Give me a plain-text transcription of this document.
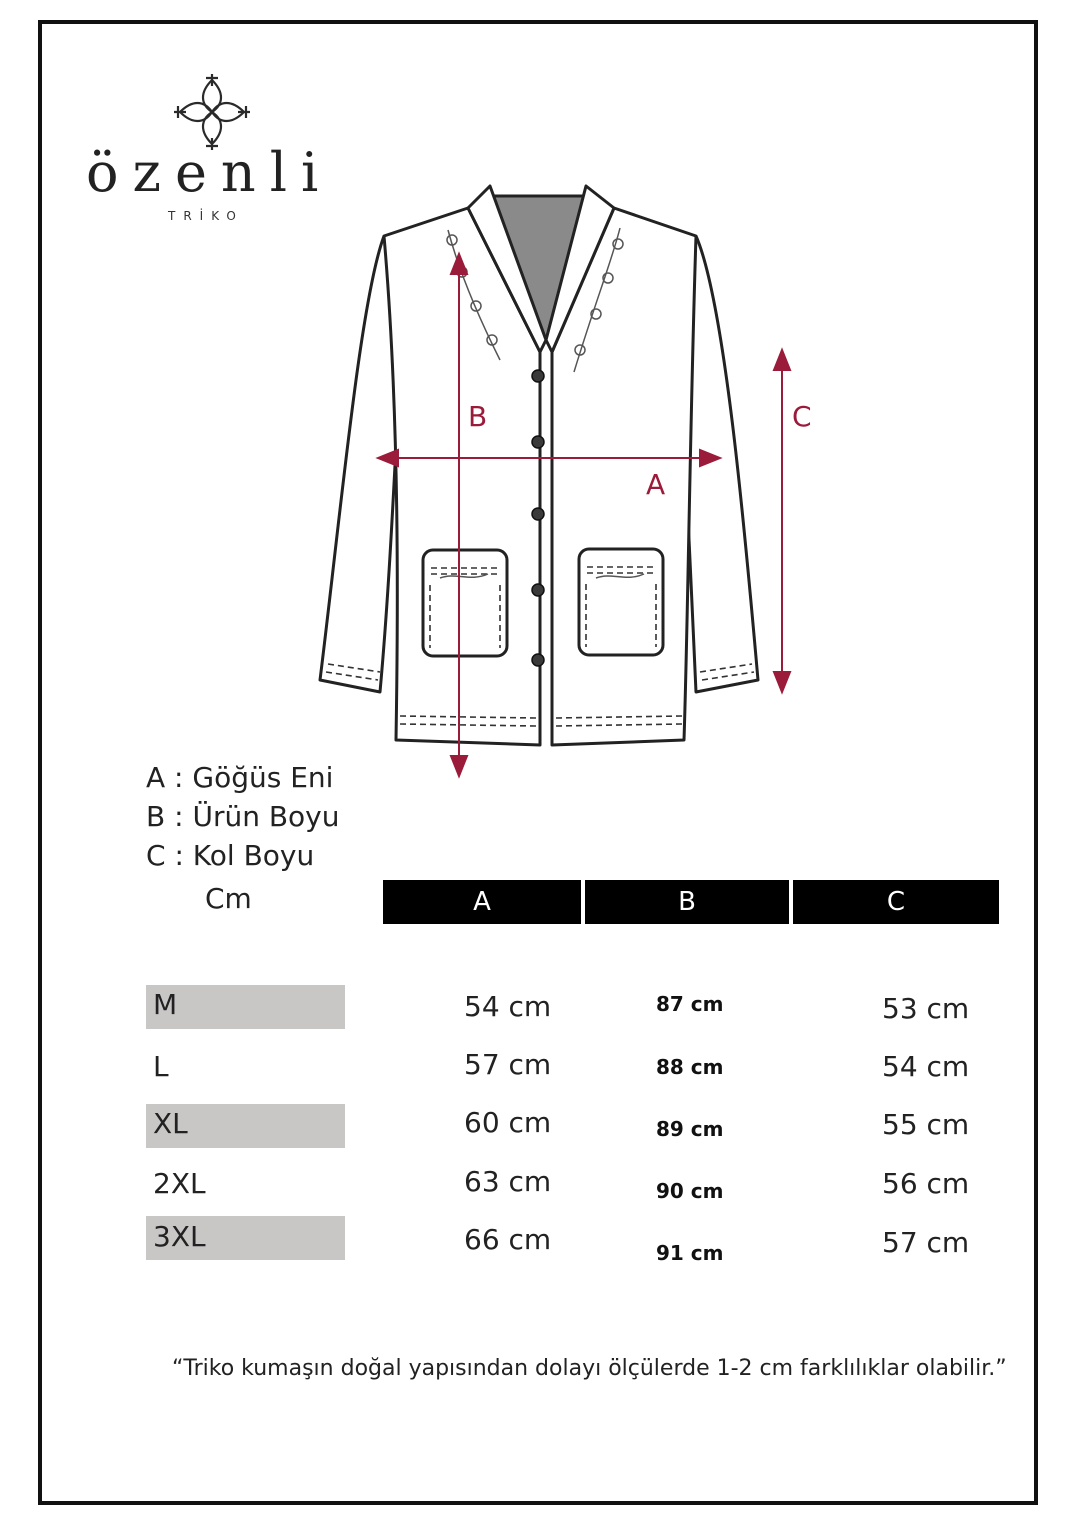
özenli
TRİKO
B
A
C
A : Göğüs Eni
B : Ürün Boyu
C : Kol Boyu
Cm	A	B	C
M	54 cm	87 cm	53 cm
L	57 cm	88 cm	54 cm
XL	60 cm	89 cm	55 cm
2XL	63 cm	90 cm	56 cm
3XL	66 cm	91 cm	57 cm
“Triko kumaşın doğal yapısından dolayı ölçülerde 1-2 cm farklılıklar olabilir.”
